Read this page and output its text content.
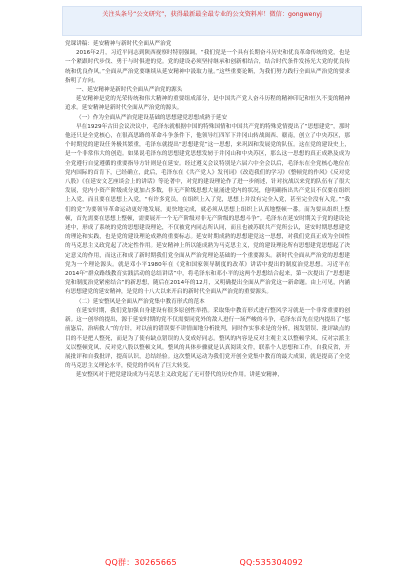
关注头条号“公文研究”，获得最新最全最专业的公文资料库！微信：gongwenyj

党课讲稿：延安精神与新时代全面从严治党

2016年2月，习近平同志到陕西视察时特别强调，“我们党是一个具有长期奋斗历史和优良革命传统的党，也是一个紧跟时代步伐、勇于与时俱进的党。党的建设必须坚持继承和创新相结合，结合时代条件发扬光大党的优良传统和优良作风。”全面从严治党要继续从延安精神中汲取力量。”这些重要论断，为我们努力践行全面从严治党的要求指明了方向。

一、延安精神是新时代全面从严治党的源头

延安精神是党的光荣传统和伟大精神的重要组成部分，是中国共产党人奋斗历程的精神印记和恒久不变的精神追求。延安精神是新时代全面从严治党的源头。

（一）作为全面从严治党建设基础的思想建党思想成熟于延安

早在1929年古田会议决议中，毛泽东就根据中国的特殊国情和中国共产党的特殊党情提出了“思想建党”，那时他还只是全党核心，在很高思路的革命斗争条件下，他领导红四军下井冈山转战闽西、赣南，创立了中央苏区，那个时期党的建设任务极其繁重，毛泽东就提出“思想建党”这一思想，来巩固和发展党的队伍。这在党的建设史上，是一个非常伟大的创造。如果说毛泽东的思想建党思想发轫于井冈山和中央苏区，那么这一思想的真正成熟及成为全党遵行自觉遵循的重要指导方针则是在延安。经过遵义会议特别是六届六中全会以后，毛泽东在全党核心地位在党内国际的首肯下，已经确立，此后，毛泽东在《共产党人》发刊词》《改造我们的学习》《整顿党的作风》《反对党八股》《在延安文艺座谈会上的讲话》等论著中，对党的建设理论作了进一步阐述，针对抗战以来党的队伍有了很大发展，党内小资产阶级成分更加占多数，非无产阶级思想大量涌进党内的状况，他明确指出共产党员不仅要在组织上入党，而且要在思想上入党，“有许多党员，在组织上入了党，思想上并没有完全入党，甚至完全没有入党。”“我们的党“为要领导革命运动更好地发展，更快地完成，就必须从思想上组织上认真地整顿一番。而为要从组织上整顿，首先需要在思想上整顿，需要展开一个无产阶级对非无产阶级的思想斗争”。毛泽东在延安时期关于党的建设论述中，形成了系统的党的思想建设理论，不仅被党内同志所认同，而且也被苏联共产党所公认，延安时期思想建党的理论和实践，也是党的建设理论成熟的重要标志。延安时期成熟的思想建党这一思想，对我们党真正成为全国性的马克思主义政党起了决定性作用。延安精神上所以能成熟为马克思主义，党的建设理论所有思想建党思想起了决定意义的作用，而这正和成了新时期我们党全面从严治党理论基础的一个重要源头。新时代全面从严治党的思想建党为一个理论源头。就是邓小平1980年在《党和国家领导制度的改革》讲话中提出的制度治党思想。习近平在2014年“群众路线教育实践活动的总结讲话”中，将毛泽东和邓小平的这两个思想结合起来，第一次提出了“思想建党和制度治党紧密结合”的新思想，随后在2014年的12月，又明确提出全面从严治党这一新命题。由上可见，内涵有思想建党的延安精神，是党的十八大以来开启的新时代全面从严治党的重要源头。

（二）延安整风是全面从严治党集中教育形式的范本

在延安时期，我们党加强自身建设有很多原创性举措。采取集中教育形式进行整风学习就是一个非常重要的创新。这一创举的提出，源于延安时期的党不仅需要同党外的敌人进行一场严峻的斗争，毛泽东首先在党内提出了“惩前毖后，治病救人”的方针，对以前的错误要不讲情面地分析批判，同时作实事求是的分析，揭发错误、批评缺点的目的不是把人整死，而是为了使有缺点错误的人变成好同志。整风的内容是反对主观主义以整顿学风、反对宗派主义以整顿党风、反对党八股以整顿文风。整风的具体步骤就是认真阅读文件，联系个人思想和工作，自我反省，开展批评和自我批评，提高认识，总结经验。这次整风运动为我们党开创全党集中教育的最大成果，就是提高了全党的马克思主义理论水平，使党的作风有了巨大转变。

延安整风对于把党建设成为马克思主义政党起了无可替代的历史作用。讲延安精神，

QQ群：30265665	QQ:535304092
